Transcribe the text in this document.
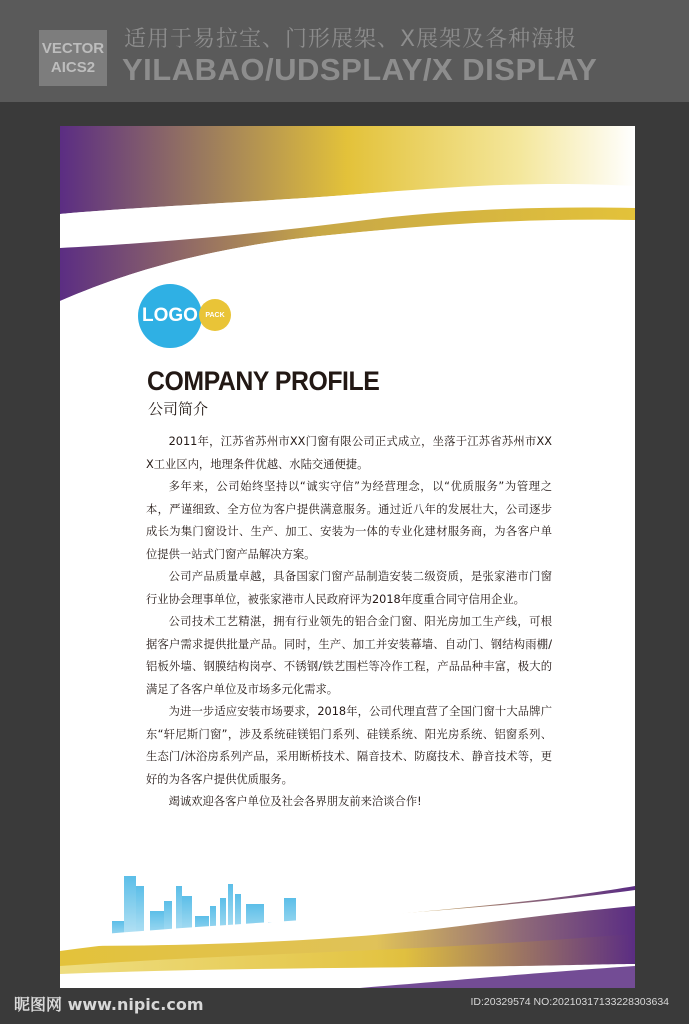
VECTOR
AICS2
适用于易拉宝、门形展架、X展架及各种海报
YILABAO/UDSPLAY/X DISPLAY
LOGO PACK
COMPANY PROFILE
公司简介

2011年，江苏省苏州市XX门窗有限公司正式成立，坐落于江苏省苏州市XXX工业区内，地理条件优越、水陆交通便捷。

多年来，公司始终坚持以“诚实守信”为经营理念，以“优质服务”为管理之本，严谨细致、全方位为客户提供满意服务。通过近八年的发展壮大，公司逐步成长为集门窗设计、生产、加工、安装为一体的专业化建材服务商，为各客户单位提供一站式门窗产品解决方案。

公司产品质量卓越，具备国家门窗产品制造安装二级资质，是张家港市门窗行业协会理事单位，被张家港市人民政府评为2018年度重合同守信用企业。

公司技术工艺精湛，拥有行业领先的铝合金门窗、阳光房加工生产线，可根据客户需求提供批量产品。同时，生产、加工并安装幕墙、自动门、钢结构雨棚/铝板外墙、钢膜结构岗亭、不锈钢/铁艺围栏等冷作工程，产品品种丰富，极大的满足了各客户单位及市场多元化需求。

为进一步适应安装市场要求，2018年，公司代理直营了全国门窗十大品牌广东“轩尼斯门窗”，涉及系统硅镁铝门系列、硅镁系统、阳光房系统、铝窗系列、生态门/沐浴房系列产品，采用断桥技术、隔音技术、防腐技术、静音技术等，更好的为各客户提供优质服务。

竭诚欢迎各客户单位及社会各界朋友前来洽谈合作!

昵图网 www.nipic.com	ID:20329574 NO:20210317133228303634
